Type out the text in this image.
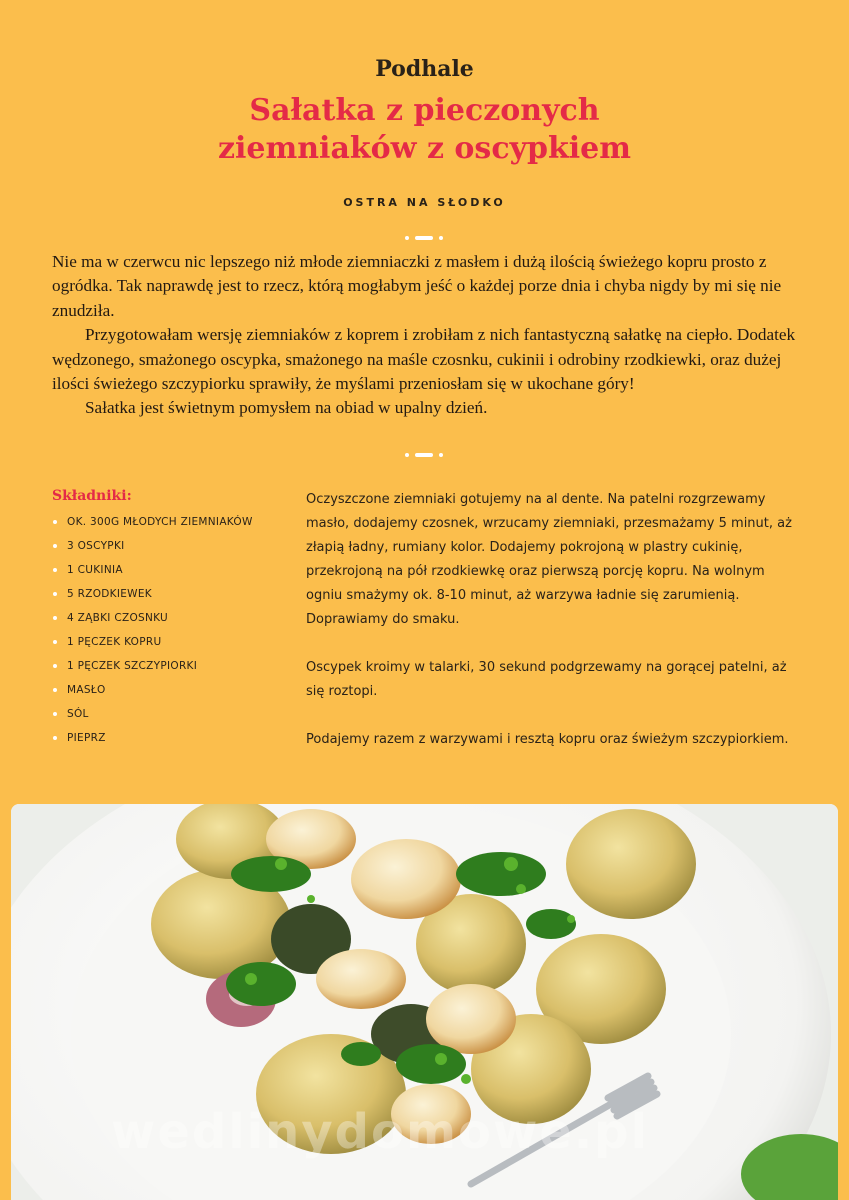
Podhale
Sałatka z pieczonych
ziemniaków z oscypkiem
OSTRA NA SŁODKO

Nie ma w czerwcu nic lepszego niż młode ziemniaczki z masłem i dużą ilością świeżego kopru prosto z ogródka. Tak naprawdę jest to rzecz, którą mogłabym jeść o każdej porze dnia i chyba nigdy by mi się nie znudziła.

Przygotowałam wersję ziemniaków z koprem i zrobiłam z nich fantastyczną sałatkę na ciepło. Dodatek wędzonego, smażonego oscypka, smażonego na maśle czosnku, cukinii i odrobiny rzodkiewki, oraz dużej ilości świeżego szczypiorku sprawiły, że myślami przeniosłam się w ukochane góry!

Sałatka jest świetnym pomysłem na obiad w upalny dzień.

Składniki:
OK. 300G MŁODYCH ZIEMNIAKÓW
3 OSCYPKI
1 CUKINIA
5 RZODKIEWEK
4 ZĄBKI CZOSNKU
1 PĘCZEK KOPRU
1 PĘCZEK SZCZYPIORKI
MASŁO
SÓL
PIEPRZ

Oczyszczone ziemniaki gotujemy na al dente. Na patelni rozgrzewamy masło, dodajemy czosnek, wrzucamy ziemniaki, przesmażamy 5 minut, aż złapią ładny, rumiany kolor. Dodajemy pokrojoną w plastry cukinię, przekrojoną na pół rzodkiewkę oraz pierwszą porcję kopru. Na wolnym ogniu smażymy ok. 8-10 minut, aż warzywa ładnie się zarumienią. Doprawiamy do smaku.

Oscypek kroimy w talarki, 30 sekund podgrzewamy na gorącej patelni, aż się roztopi.

Podajemy razem z warzywami i resztą kopru oraz świeżym szczypiorkiem.

wedlinydomowe.pl
